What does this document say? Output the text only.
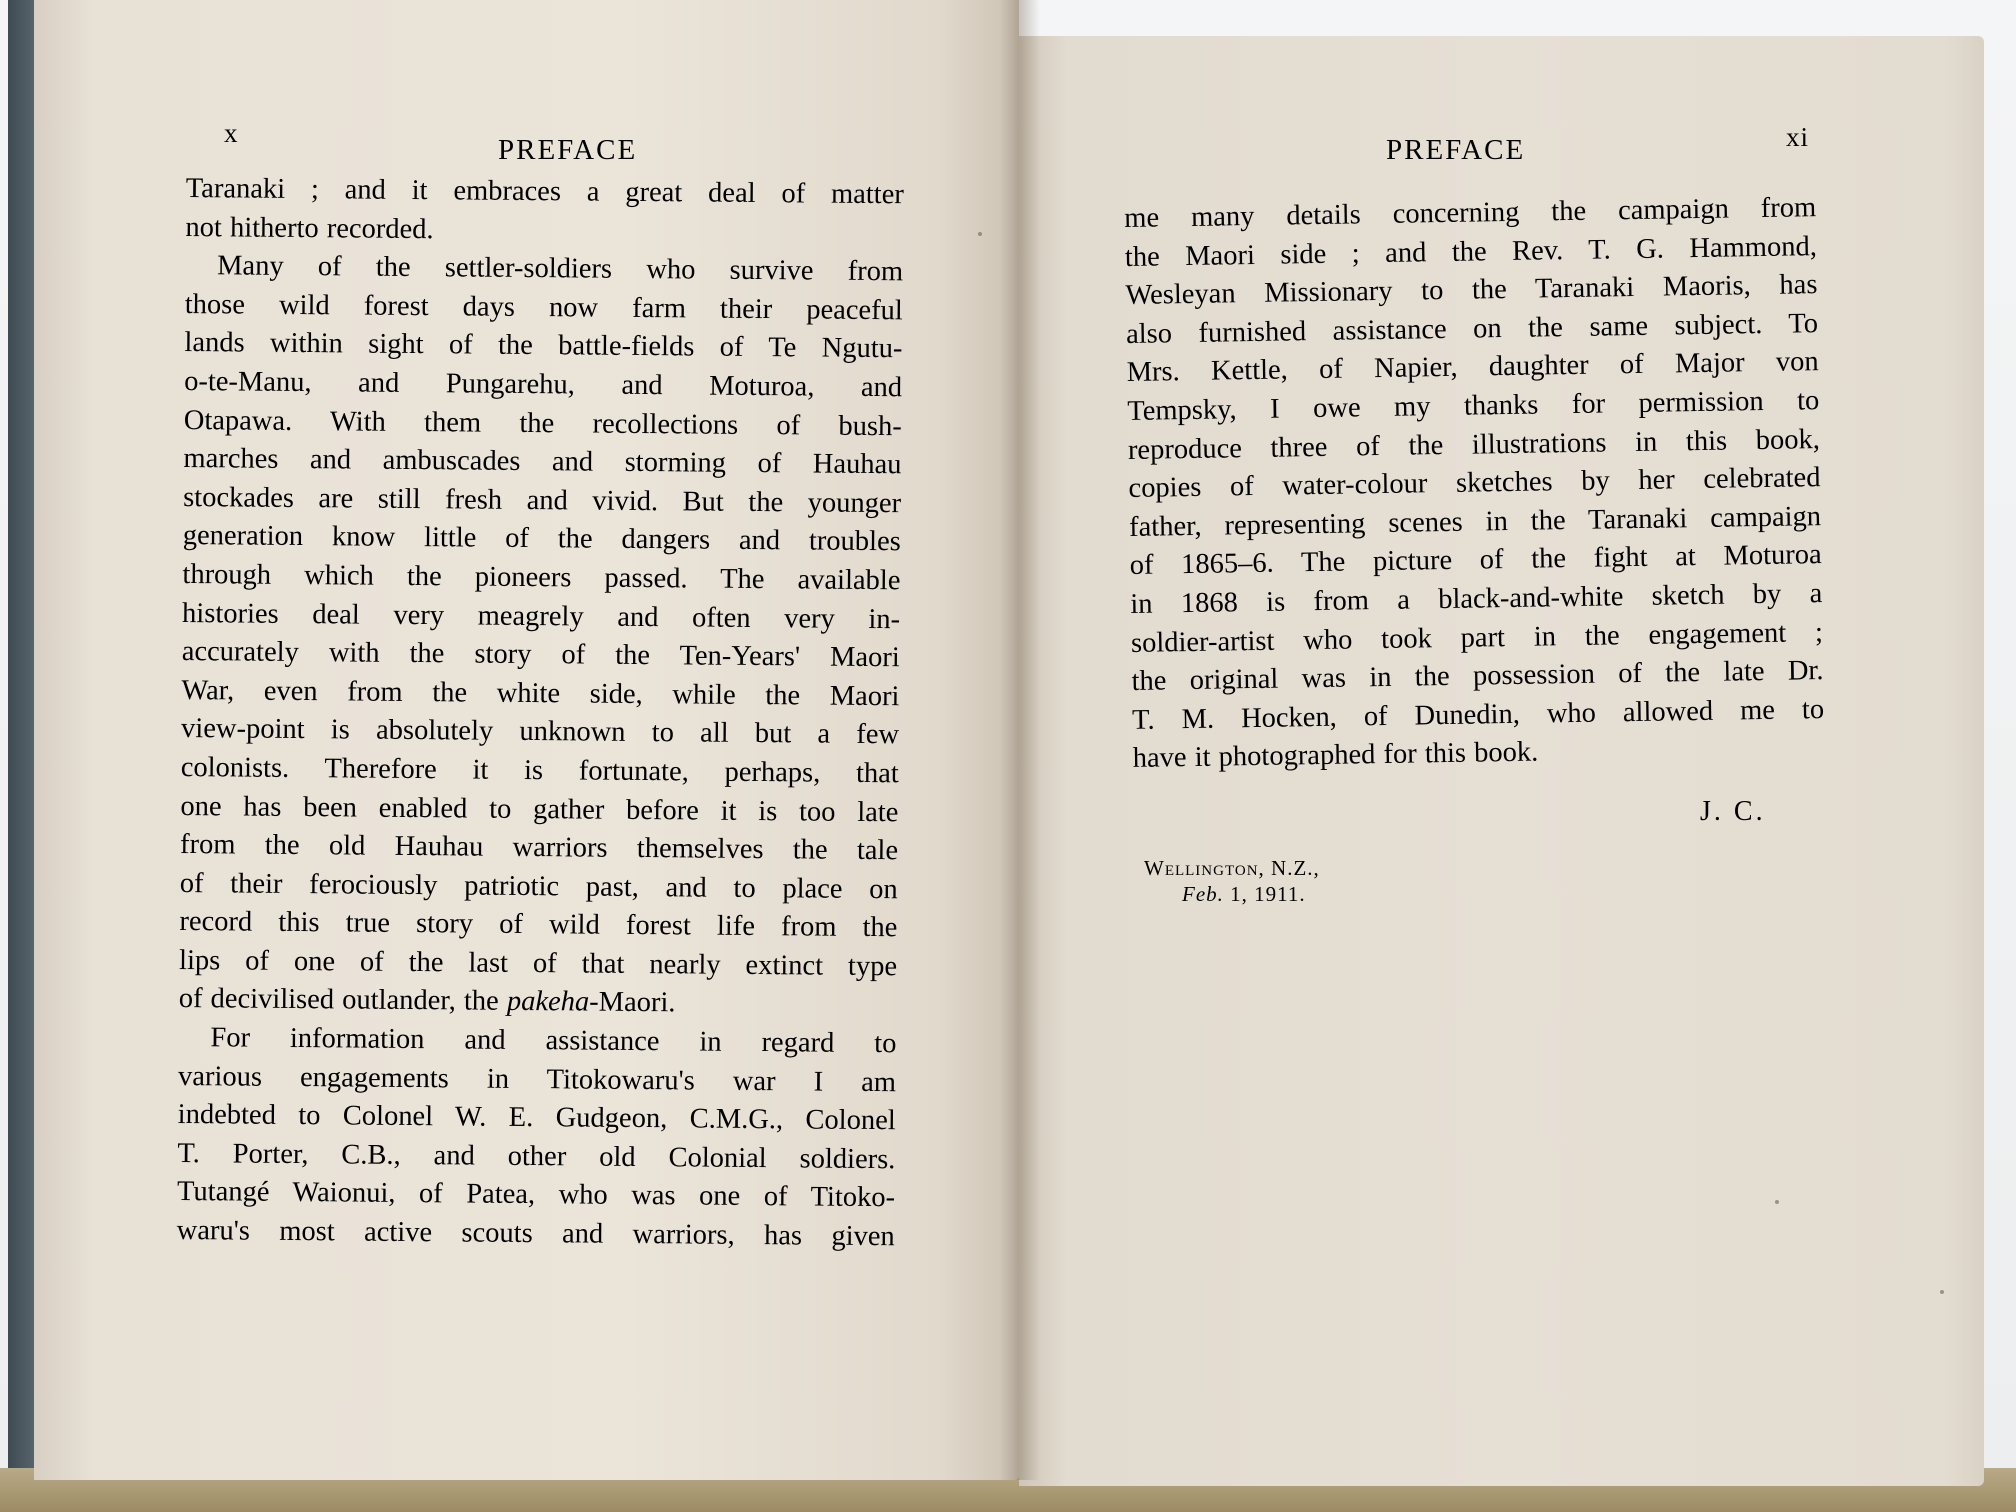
x
PREFACE	xi
PREFACE
Taranaki ; and it embraces a great deal of matter
not hitherto recorded.
Many of the settler-soldiers who survive from
those wild forest days now farm their peaceful
lands within sight of the battle-fields of Te Ngutu-
o-te-Manu, and Pungarehu, and Moturoa, and
Otapawa. With them the recollections of bush-
marches and ambuscades and storming of Hauhau
stockades are still fresh and vivid. But the younger
generation know little of the dangers and troubles
through which the pioneers passed. The available
histories deal very meagrely and often very in-
accurately with the story of the Ten-Years' Maori
War, even from the white side, while the Maori
view-point is absolutely unknown to all but a few
colonists. Therefore it is fortunate, perhaps, that
one has been enabled to gather before it is too late
from the old Hauhau warriors themselves the tale
of their ferociously patriotic past, and to place on
record this true story of wild forest life from the
lips of one of the last of that nearly extinct type
of decivilised outlander, the pakeha-Maori.
For information and assistance in regard to
various engagements in Titokowaru's war I am
indebted to Colonel W. E. Gudgeon, C.M.G., Colonel
T. Porter, C.B., and other old Colonial soldiers.
Tutangé Waionui, of Patea, who was one of Titoko-
waru's most active scouts and warriors, has given
me many details concerning the campaign from
the Maori side ; and the Rev. T. G. Hammond,
Wesleyan Missionary to the Taranaki Maoris, has
also furnished assistance on the same subject. To
Mrs. Kettle, of Napier, daughter of Major von
Tempsky, I owe my thanks for permission to
reproduce three of the illustrations in this book,
copies of water-colour sketches by her celebrated
father, representing scenes in the Taranaki campaign
of 1865–6. The picture of the fight at Moturoa
in 1868 is from a black-and-white sketch by a
soldier-artist who took part in the engagement ;
the original was in the possession of the late Dr.
T. M. Hocken, of Dunedin, who allowed me to
have it photographed for this book.
J. C.
Wellington, N.Z.,
Feb. 1, 1911.
